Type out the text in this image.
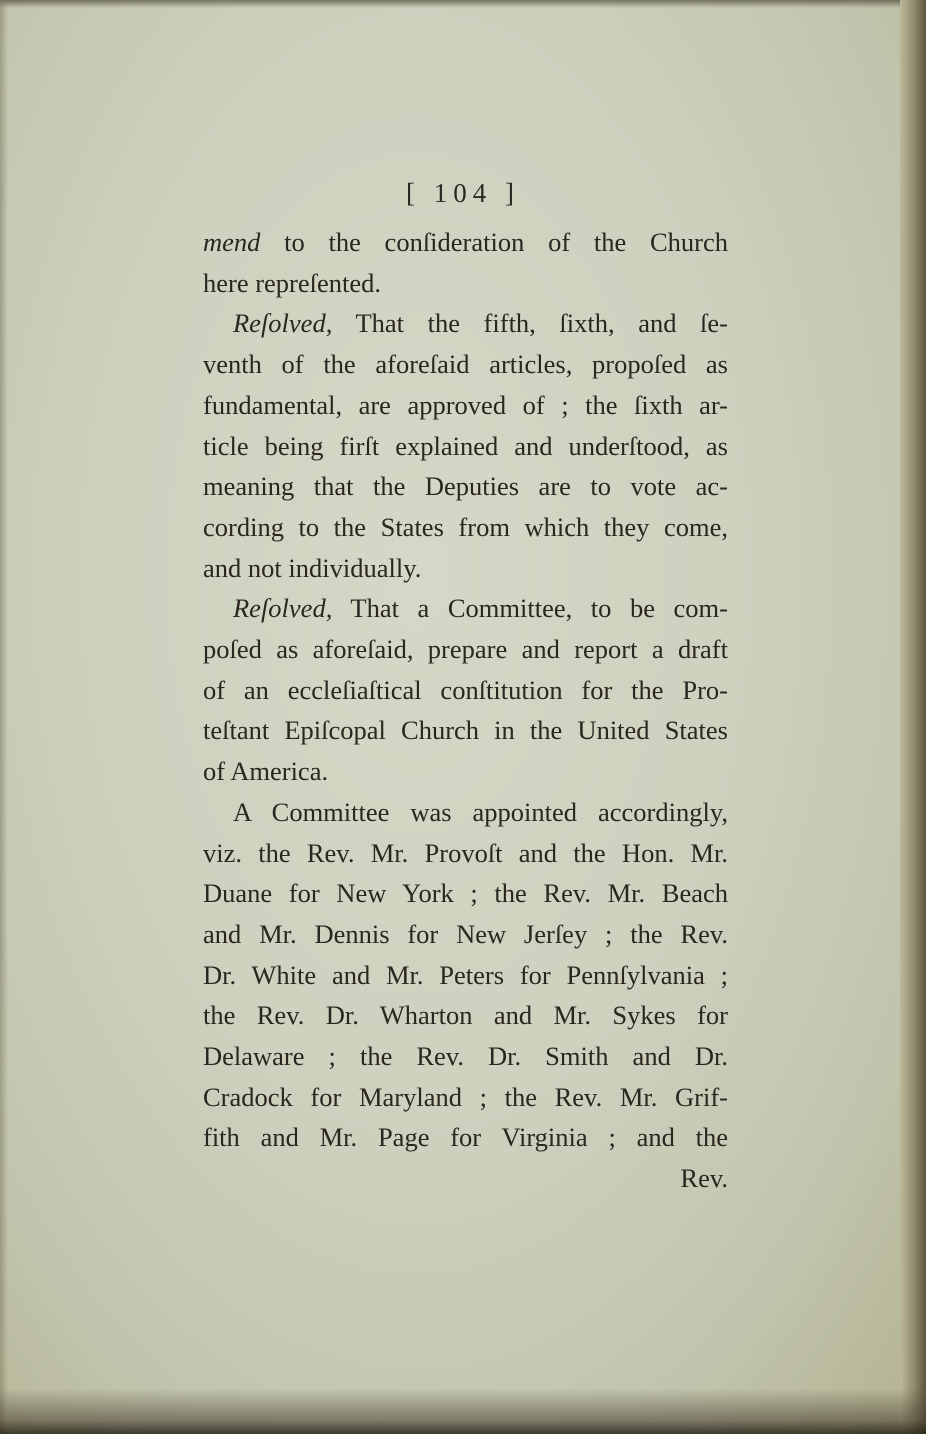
[ 104 ]

mend to the conſideration of the Church

here repreſented.

Reſolved, That the fifth, ſixth, and ſe-

venth of the aforeſaid articles, propoſed as

fundamental, are approved of ; the ſixth ar-

ticle being firſt explained and underſtood, as

meaning that the Deputies are to vote ac-

cording to the States from which they come,

and not individually.

Reſolved, That a Committee, to be com-

poſed as aforeſaid, prepare and report a draft

of an eccleſiaſtical conſtitution for the Pro-

teſtant Epiſcopal Church in the United States

of America.

A Committee was appointed accordingly,

viz. the Rev. Mr. Provoſt and the Hon. Mr.

Duane for New York ; the Rev. Mr. Beach

and Mr. Dennis for New Jerſey ; the Rev.

Dr. White and Mr. Peters for Pennſylvania ;

the Rev. Dr. Wharton and Mr. Sykes for

Delaware ; the Rev. Dr. Smith and Dr.

Cradock for Maryland ; the Rev. Mr. Grif-

fith and Mr. Page for Virginia ; and the

Rev.
